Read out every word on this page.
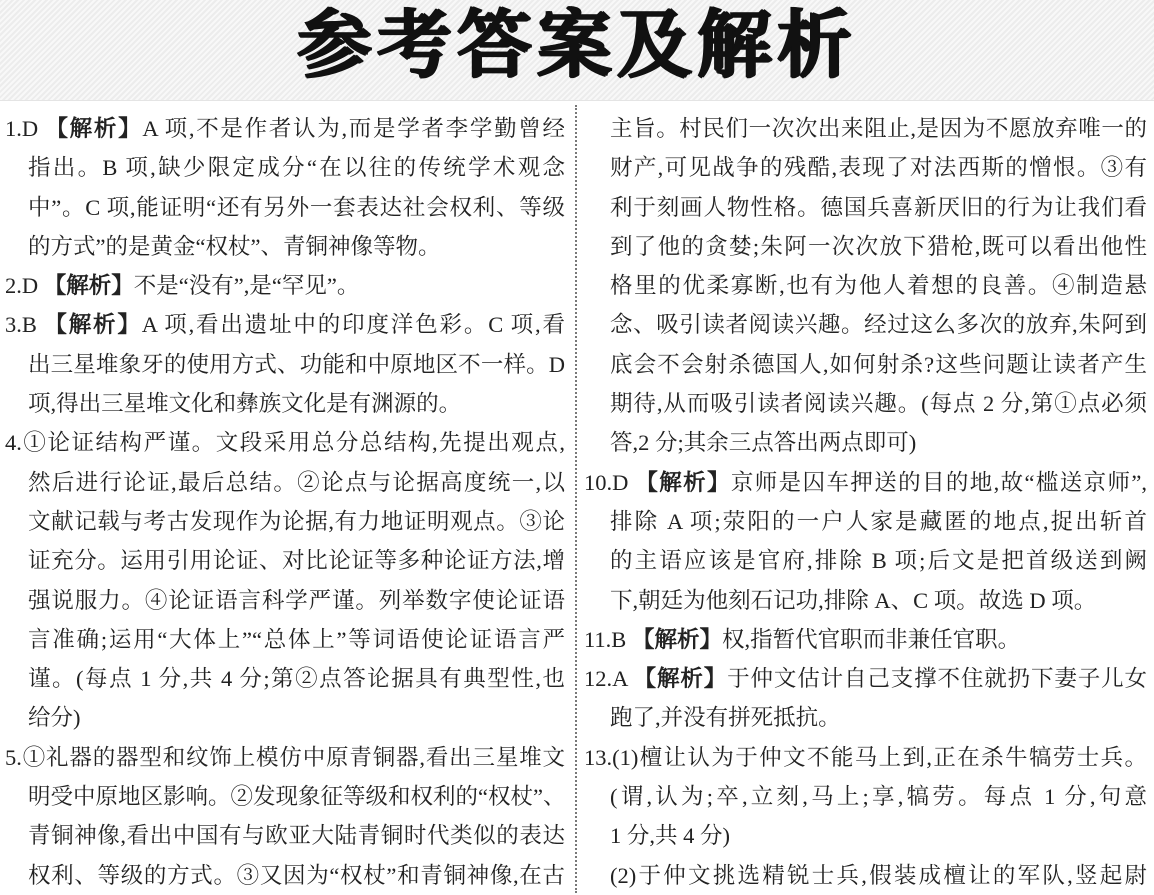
参考答案及解析
1.D 【解析】A 项,不是作者认为,而是学者李学勤曾经
指出。B 项,缺少限定成分“在以往的传统学术观念
中”。C 项,能证明“还有另外一套表达社会权利、等级
的方式”的是黄金“权杖”、青铜神像等物。
2.D 【解析】不是“没有”,是“罕见”。
3.B 【解析】A 项,看出遗址中的印度洋色彩。C 项,看
出三星堆象牙的使用方式、功能和中原地区不一样。D
项,得出三星堆文化和彝族文化是有渊源的。
4.①论证结构严谨。文段采用总分总结构,先提出观点,
然后进行论证,最后总结。②论点与论据高度统一,以
文献记载与考古发现作为论据,有力地证明观点。③论
证充分。运用引用论证、对比论证等多种论证方法,增
强说服力。④论证语言科学严谨。列举数字使论证语
言准确;运用“大体上”“总体上”等词语使论证语言严
谨。(每点 1 分,共 4 分;第②点答论据具有典型性,也
给分)
5.①礼器的器型和纹饰上模仿中原青铜器,看出三星堆文
明受中原地区影响。②发现象征等级和权利的“权杖”、
青铜神像,看出中国有与欧亚大陆青铜时代类似的表达
权利、等级的方式。③又因为“权杖”和青铜神像,在古
主旨。村民们一次次出来阻止,是因为不愿放弃唯一的
财产,可见战争的残酷,表现了对法西斯的憎恨。③有
利于刻画人物性格。德国兵喜新厌旧的行为让我们看
到了他的贪婪;朱阿一次次放下猎枪,既可以看出他性
格里的优柔寡断,也有为他人着想的良善。④制造悬
念、吸引读者阅读兴趣。经过这么多次的放弃,朱阿到
底会不会射杀德国人,如何射杀?这些问题让读者产生
期待,从而吸引读者阅读兴趣。(每点 2 分,第①点必须
答,2 分;其余三点答出两点即可)
10.D 【解析】京师是囚车押送的目的地,故“槛送京师”,
排除 A 项;荥阳的一户人家是藏匿的地点,捉出斩首
的主语应该是官府,排除 B 项;后文是把首级送到阙
下,朝廷为他刻石记功,排除 A、C 项。故选 D 项。
11.B 【解析】权,指暂代官职而非兼任官职。
12.A 【解析】于仲文估计自己支撑不住就扔下妻子儿女
跑了,并没有拼死抵抗。
13.(1)檀让认为于仲文不能马上到,正在杀牛犒劳士兵。
(谓,认为;卒,立刻,马上;享,犒劳。每点 1 分,句意
1 分,共 4 分)
(2)于仲文挑选精锐士兵,假装成檀让的军队,竖起尉
